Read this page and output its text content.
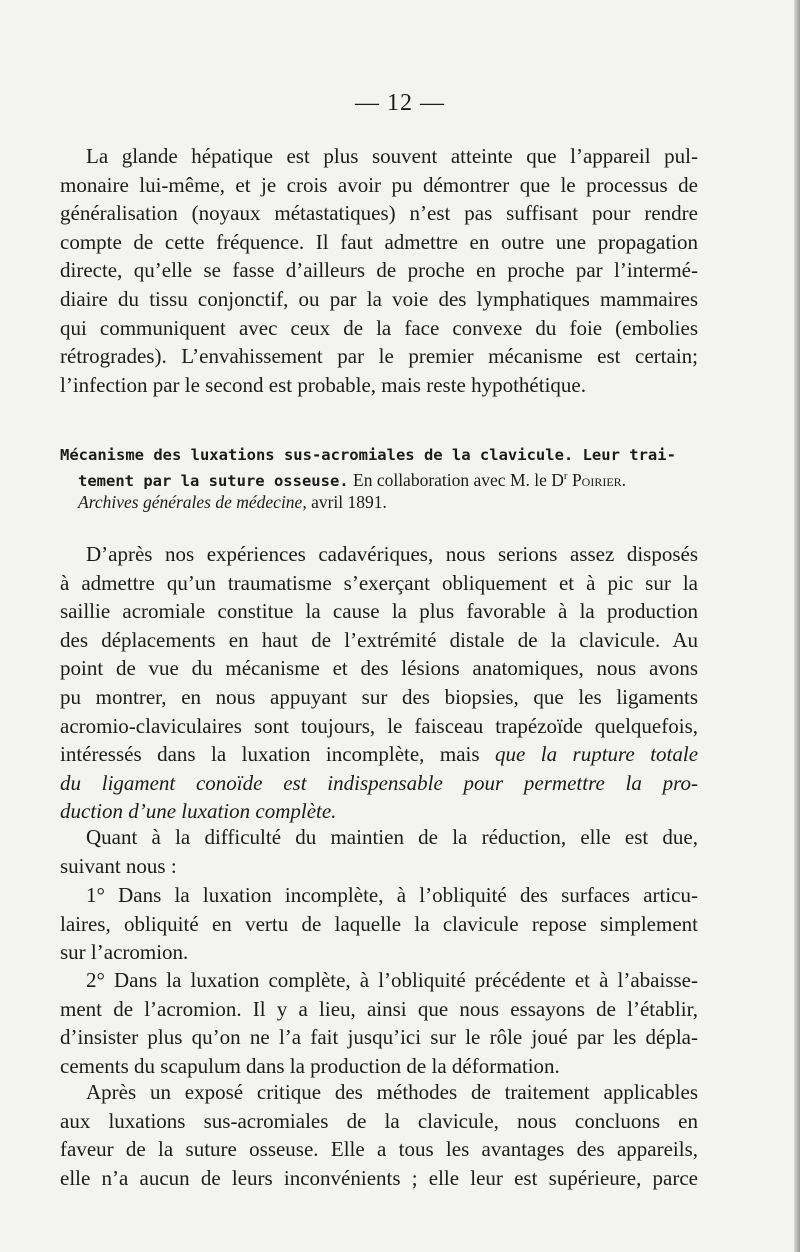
— 12 —
La glande hépatique est plus souvent atteinte que l’appareil pul-
monaire lui-même, et je crois avoir pu démontrer que le processus de
généralisation (noyaux métastatiques) n’est pas suffisant pour rendre
compte de cette fréquence. Il faut admettre en outre une propagation
directe, qu’elle se fasse d’ailleurs de proche en proche par l’intermé-
diaire du tissu conjonctif, ou par la voie des lymphatiques mammaires
qui communiquent avec ceux de la face convexe du foie (embolies
rétrogrades). L’envahissement par le premier mécanisme est certain;
l’infection par le second est probable, mais reste hypothétique.
Mécanisme des luxations sus-acromiales de la clavicule. Leur trai-
tement par la suture osseuse. En collaboration avec M. le $D^r$ Poirier.
Archives générales de médecine, avril 1891.
D’après nos expériences cadavériques, nous serions assez disposés
à admettre qu’un traumatisme s’exerçant obliquement et à pic sur la
saillie acromiale constitue la cause la plus favorable à la production
des déplacements en haut de l’extrémité distale de la clavicule. Au
point de vue du mécanisme et des lésions anatomiques, nous avons
pu montrer, en nous appuyant sur des biopsies, que les ligaments
acromio-claviculaires sont toujours, le faisceau trapézoïde quelquefois,
intéressés dans la luxation incomplète, mais que la rupture totale
du ligament conoïde est indispensable pour permettre la pro-
duction d’une luxation complète.
Quant à la difficulté du maintien de la réduction, elle est due,
suivant nous :
1° Dans la luxation incomplète, à l’obliquité des surfaces articu-
laires, obliquité en vertu de laquelle la clavicule repose simplement
sur l’acromion.
2° Dans la luxation complète, à l’obliquité précédente et à l’abaisse-
ment de l’acromion. Il y a lieu, ainsi que nous essayons de l’établir,
d’insister plus qu’on ne l’a fait jusqu’ici sur le rôle joué par les dépla-
cements du scapulum dans la production de la déformation.
Après un exposé critique des méthodes de traitement applicables
aux luxations sus-acromiales de la clavicule, nous concluons en
faveur de la suture osseuse. Elle a tous les avantages des appareils,
elle n’a aucun de leurs inconvénients ; elle leur est supérieure, parce
